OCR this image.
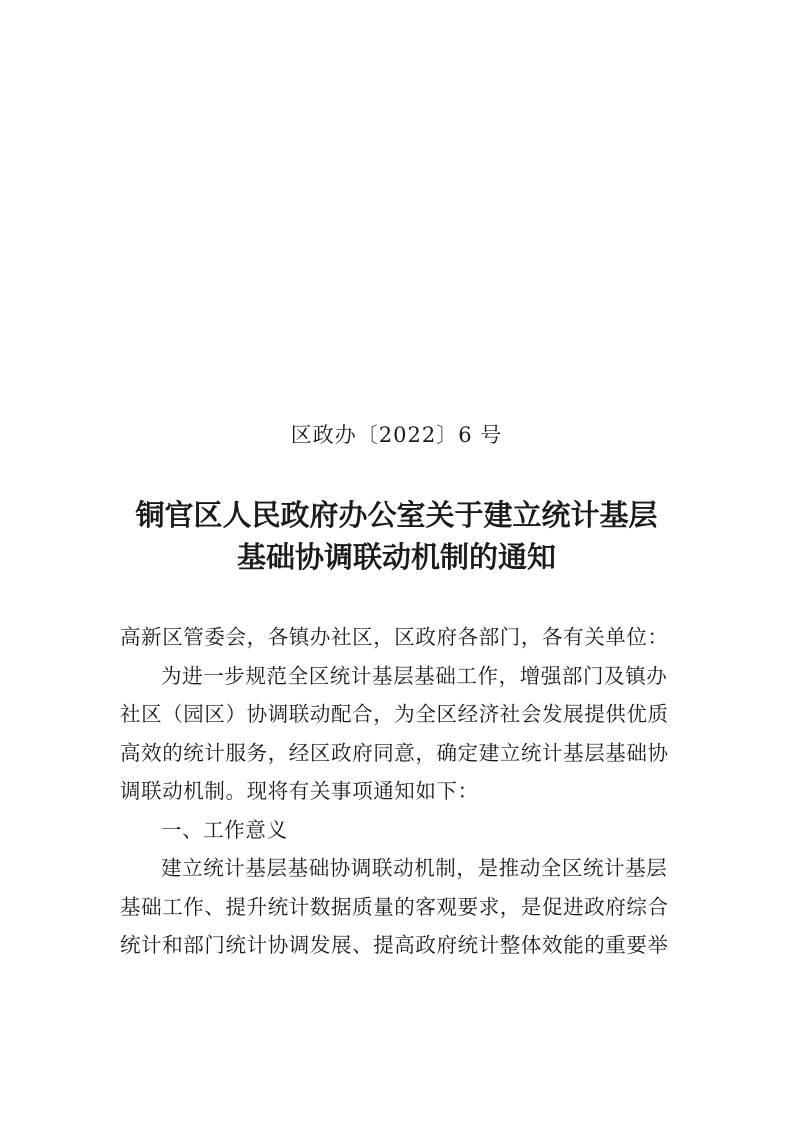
区政办〔2022〕6 号
铜官区人民政府办公室关于建立统计基层
基础协调联动机制的通知
高新区管委会，各镇办社区，区政府各部门，各有关单位：
为进一步规范全区统计基层基础工作，增强部门及镇办
社区（园区）协调联动配合，为全区经济社会发展提供优质
高效的统计服务，经区政府同意，确定建立统计基层基础协
调联动机制。现将有关事项通知如下：
一、工作意义
建立统计基层基础协调联动机制，是推动全区统计基层
基础工作、提升统计数据质量的客观要求，是促进政府综合
统计和部门统计协调发展、提高政府统计整体效能的重要举
